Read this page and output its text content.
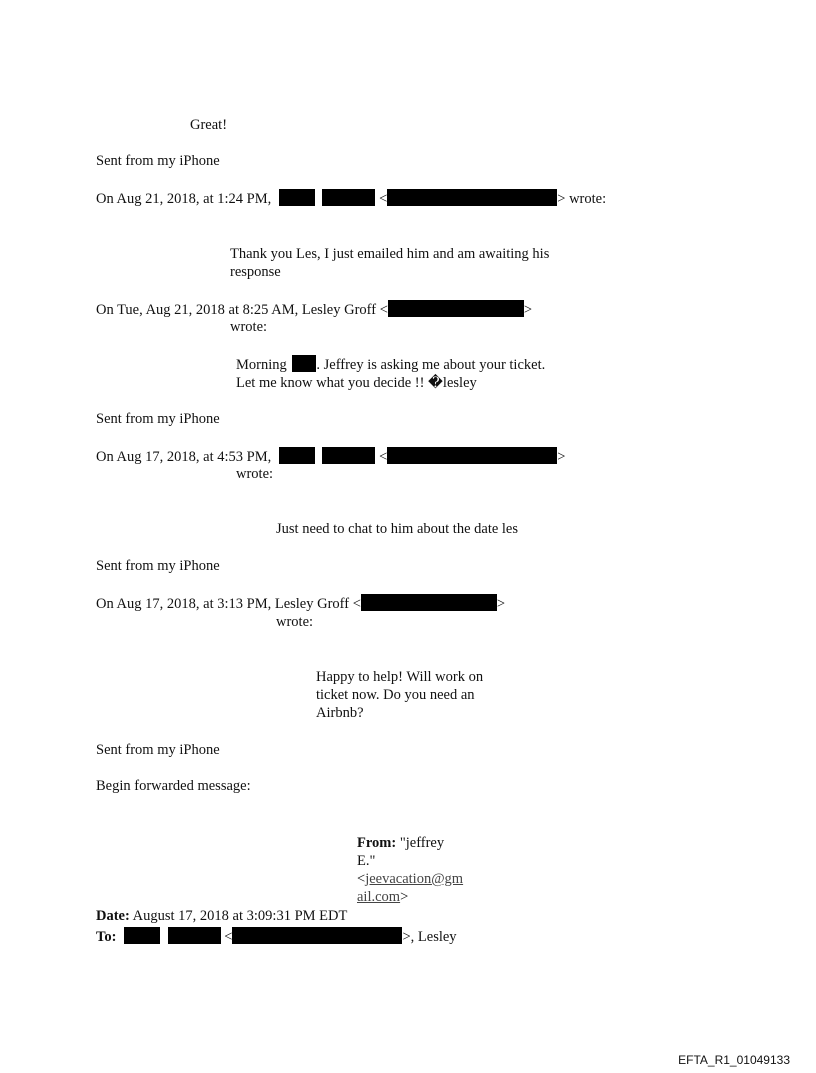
Great!
Sent from my iPhone
On Aug 21, 2018, at 1:24 PM,	<	> wrote:
Thank you Les, I just emailed him and am awaiting his
response
On Tue, Aug 21, 2018 at 8:25 AM, Lesley Groff <	>
wrote:
Morning . Jeffrey is asking me about your ticket.
Let me know what you decide !! �lesley
Sent from my iPhone
On Aug 17, 2018, at 4:53 PM,	<	>
wrote:
Just need to chat to him about the date les
Sent from my iPhone
On Aug 17, 2018, at 3:13 PM, Lesley Groff <	>
wrote:
Happy to help! Will work on
ticket now. Do you need an
Airbnb?
Sent from my iPhone
Begin forwarded message:
From: "jeffrey
E."
<jeevacation@gm
ail.com>
Date: August 17, 2018 at 3:09:31 PM EDT
To:	<	>, Lesley
EFTA_R1_01049133
